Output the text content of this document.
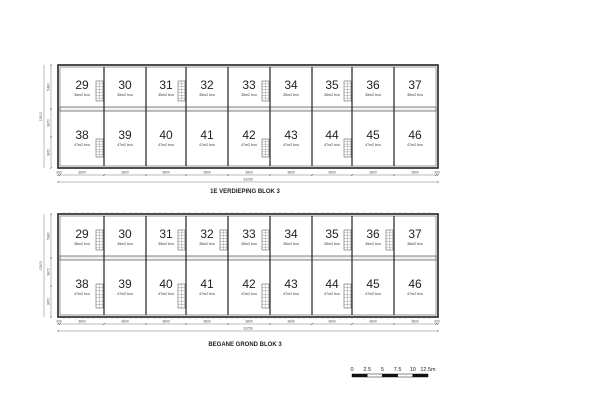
29
36m2 bvo
38
47m2 bvo
30
35m2 bvo
39
47m2 bvo
31
35m2 bvo
40
47m2 bvo
32
35m2 bvo
41
47m2 bvo
33
35m2 bvo
42
47m2 bvo
34
35m2 bvo
43
47m2 bvo
35
35m2 bvo
44
47m2 bvo
36
35m2 bvo
45
47m2 bvo
37
36m2 bvo
46
47m2 bvo
300	3800	3800	3800	3800	3800	3800	3800	3800	3800	300
33256
5480
3870
3870
13500
1E VERDIEPING BLOK 3
29
36m2 bvo
38
47m2 bvo
30
35m2 bvo
39
47m2 bvo
31
35m2 bvo
40
47m2 bvo
32
35m2 bvo
41
47m2 bvo
33
35m2 bvo
42
47m2 bvo
34
35m2 bvo
43
47m2 bvo
35
35m2 bvo
44
47m2 bvo
36
35m2 bvo
45
47m2 bvo
37
36m2 bvo
46
47m2 bvo
300	3800	3800	3800	3800	3800	3800	3800	3800	3800	300
33256
5480
3870
3870
13500
BEGANE GROND BLOK 3
0 2.5 5 7.5 10 12.5m
